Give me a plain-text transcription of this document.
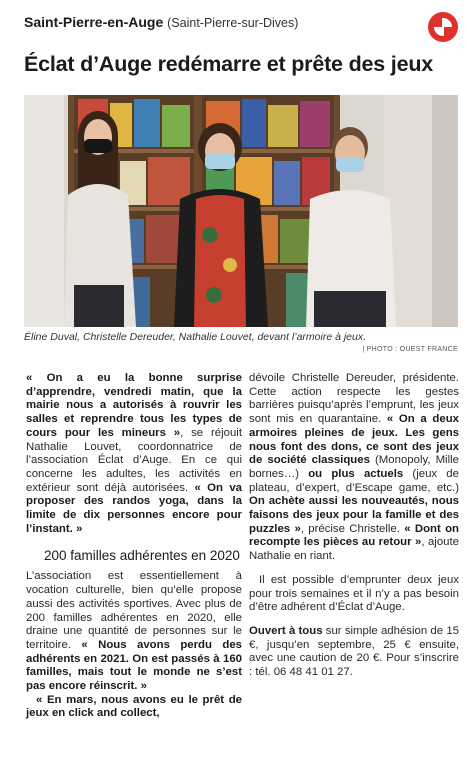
Saint-Pierre-en-Auge (Saint-Pierre-sur-Dives)
Éclat d’Auge redémarre et prête des jeux
Éline Duval, Christelle Dereuder, Nathalie Louvet, devant l’armoire à jeux.
| PHOTO : OUEST FRANCE

« On a eu la bonne surprise d’apprendre, vendredi matin, que la mairie nous a autorisés à rouvrir les salles et reprendre tous les types de cours pour les mineurs », se réjouit Nathalie Louvet, coordonnatrice de l’association Éclat d’Auge. En ce qui concerne les adultes, les activités en extérieur sont déjà autorisées. « On va proposer des randos yoga, dans la limite de dix personnes encore pour l’instant. »

200 familles adhérentes en 2020

L’association est essentiellement à vocation culturelle, bien qu’elle propose aussi des activités sportives. Avec plus de 200 familles adhérentes en 2020, elle draine une quantité de personnes sur le territoire. « Nous avons perdu des adhérents en 2021. On est passés à 160 familles, mais tout le monde ne s’est pas encore réinscrit. »

« En mars, nous avons eu le prêt de jeux en click and collect,

dévoile Christelle Dereuder, présidente. Cette action respecte les gestes barrières puisqu’après l’emprunt, les jeux sont mis en quarantaine. « On a deux armoires pleines de jeux. Les gens nous font des dons, ce sont des jeux de société classiques (Monopoly, Mille bornes…) ou plus actuels (jeux de plateau, d’expert, d’Escape game, etc.) On achète aussi les nouveautés, nous faisons des jeux pour la famille et des puzzles », précise Christelle. « Dont on recompte les pièces au retour », ajoute Nathalie en riant.

Il est possible d’emprunter deux jeux pour trois semaines et il n’y a pas besoin d’être adhérent d’Éclat d’Auge.

Ouvert à tous sur simple adhésion de 15 €, jusqu’en septembre, 25 € ensuite, avec une caution de 20 €. Pour s’inscrire : tél. 06 48 41 01 27.
